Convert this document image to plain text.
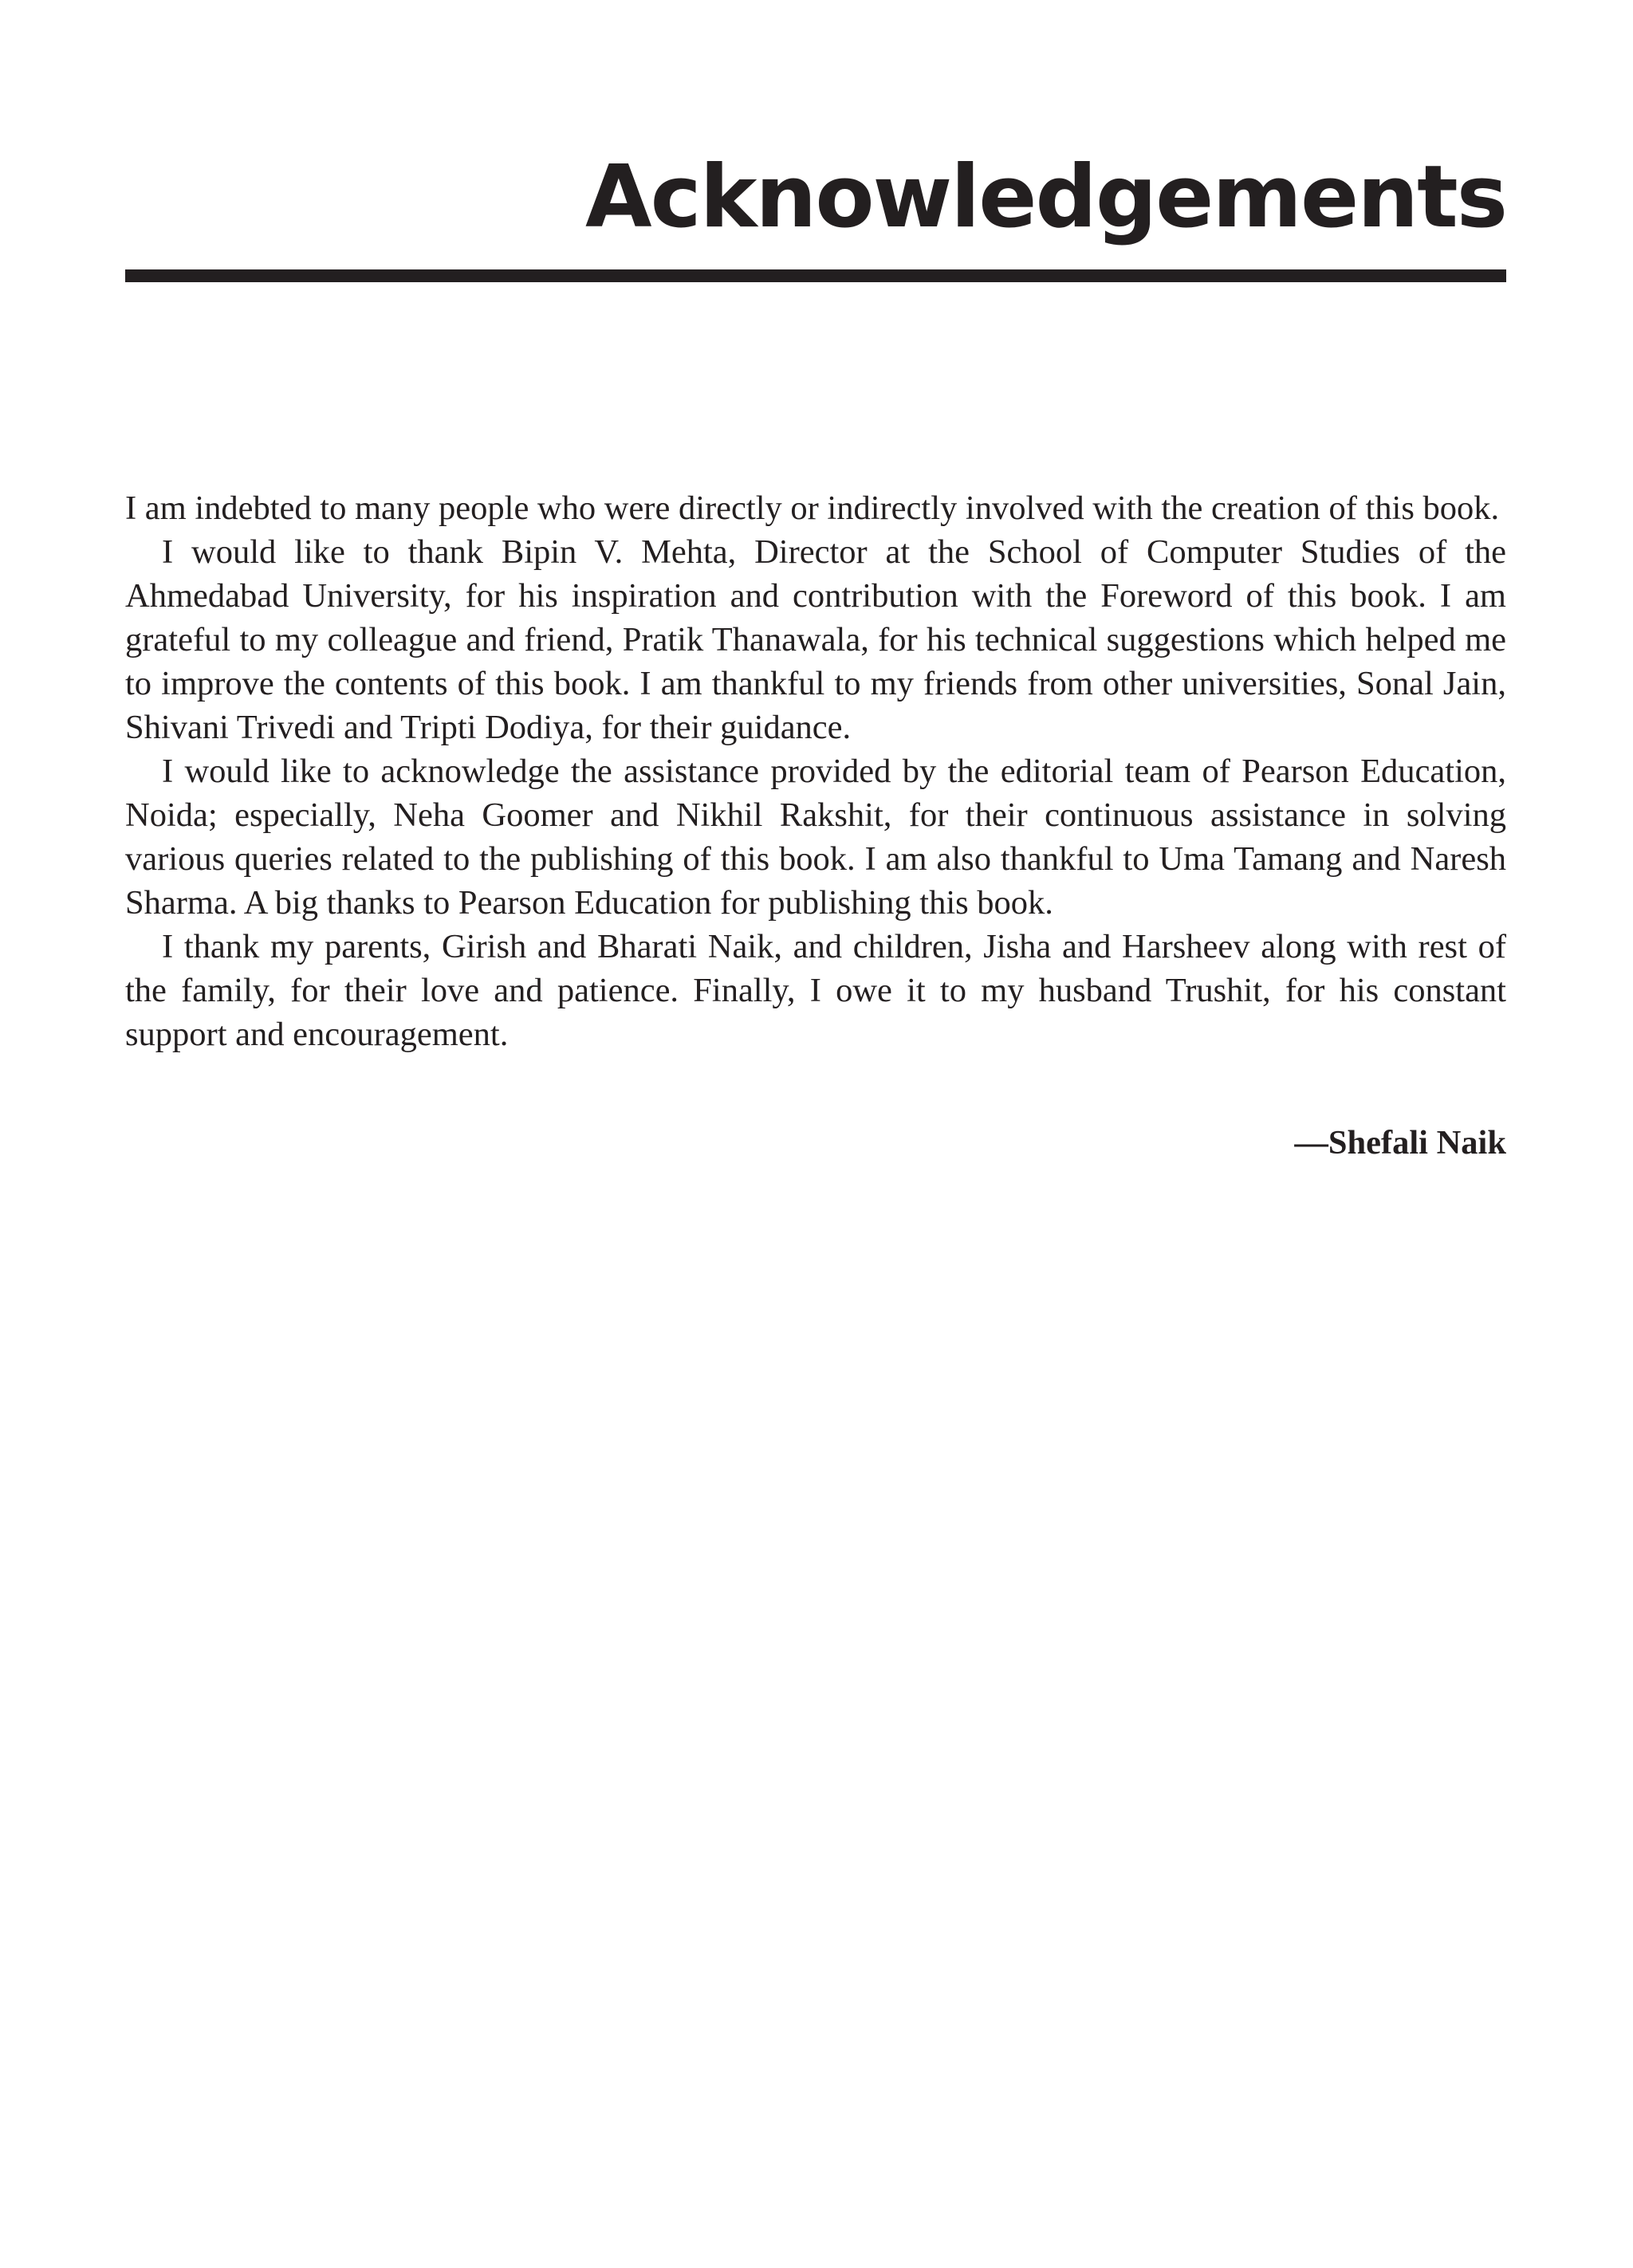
Acknowledgements

I am indebted to many people who were directly or indirectly involved with the creation of this book.

I would like to thank Bipin V. Mehta, Director at the School of Computer Studies of the Ahmedabad University, for his inspiration and contribution with the Foreword of this book. I am grateful to my colleague and friend, Pratik Thanawala, for his technical suggestions which helped me to improve the contents of this book. I am thankful to my friends from other universities, Sonal Jain, Shivani Trivedi and Tripti Dodiya, for their guidance.

I would like to acknowledge the assistance provided by the editorial team of Pearson Education, Noida; especially, Neha Goomer and Nikhil Rakshit, for their continuous assistance in solving various queries related to the publishing of this book. I am also thankful to Uma Tamang and Naresh Sharma. A big thanks to Pearson Education for publishing this book.

I thank my parents, Girish and Bharati Naik, and children, Jisha and Harsheev along with rest of the family, for their love and patience. Finally, I owe it to my husband Trushit, for his constant support and encouragement.

—Shefali Naik
